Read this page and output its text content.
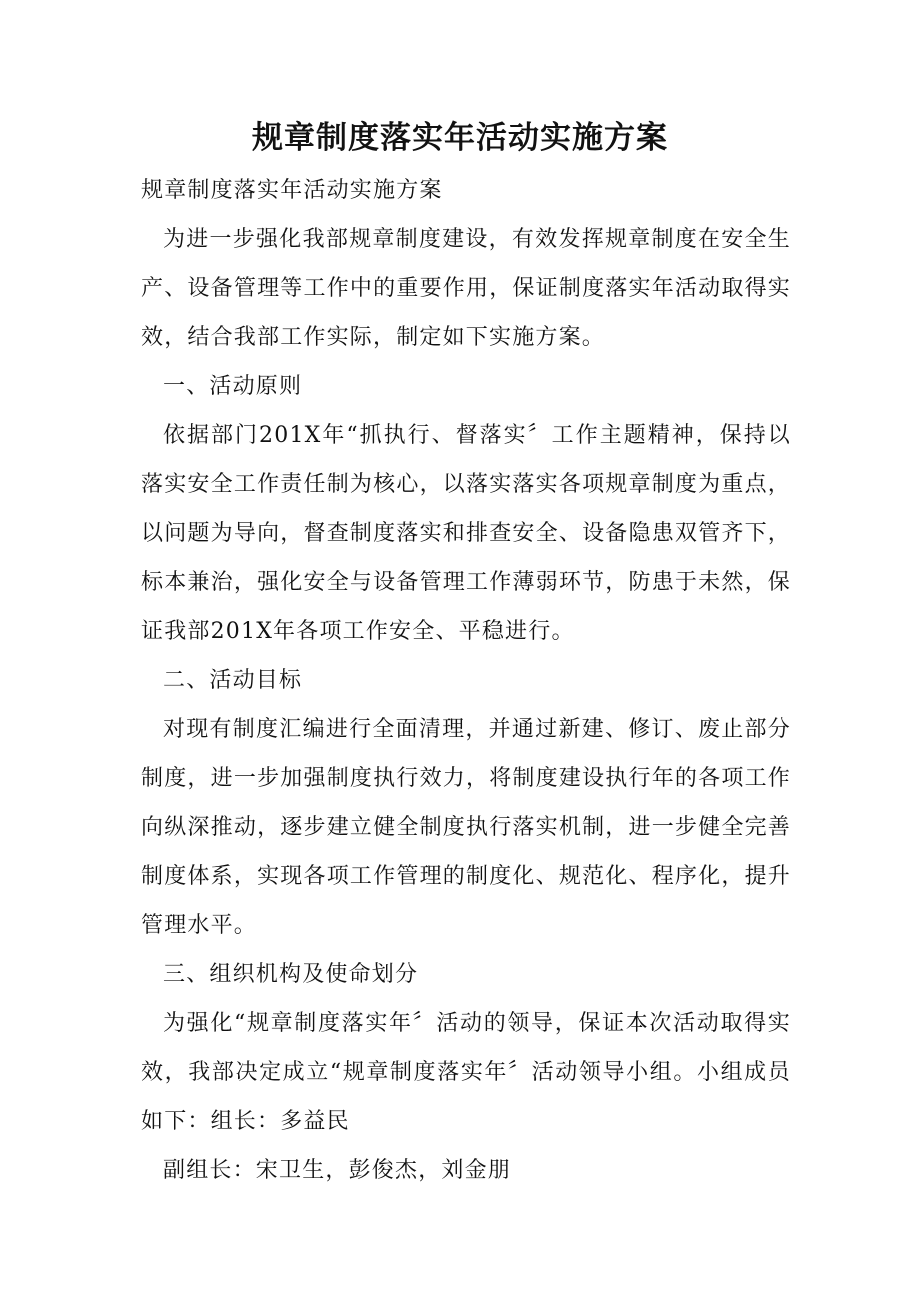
规章制度落实年活动实施方案

规章制度落实年活动实施方案

为进一步强化我部规章制度建设，有效发挥规章制度在安全生产、设备管理等工作中的重要作用，保证制度落实年活动取得实效，结合我部工作实际，制定如下实施方案。

一、活动原则

依据部门201X年“抓执行、督落实〞工作主题精神，保持以落实安全工作责任制为核心，以落实落实各项规章制度为重点，以问题为导向，督查制度落实和排查安全、设备隐患双管齐下，标本兼治，强化安全与设备管理工作薄弱环节，防患于未然，保证我部201X年各项工作安全、平稳进行。

二、活动目标

对现有制度汇编进行全面清理，并通过新建、修订、废止部分制度，进一步加强制度执行效力，将制度建设执行年的各项工作向纵深推动，逐步建立健全制度执行落实机制，进一步健全完善制度体系，实现各项工作管理的制度化、规范化、程序化，提升管理水平。

三、组织机构及使命划分

为强化“规章制度落实年〞活动的领导，保证本次活动取得实效，我部决定成立“规章制度落实年〞活动领导小组。小组成员如下：组长：多益民

副组长：宋卫生，彭俊杰，刘金朋
